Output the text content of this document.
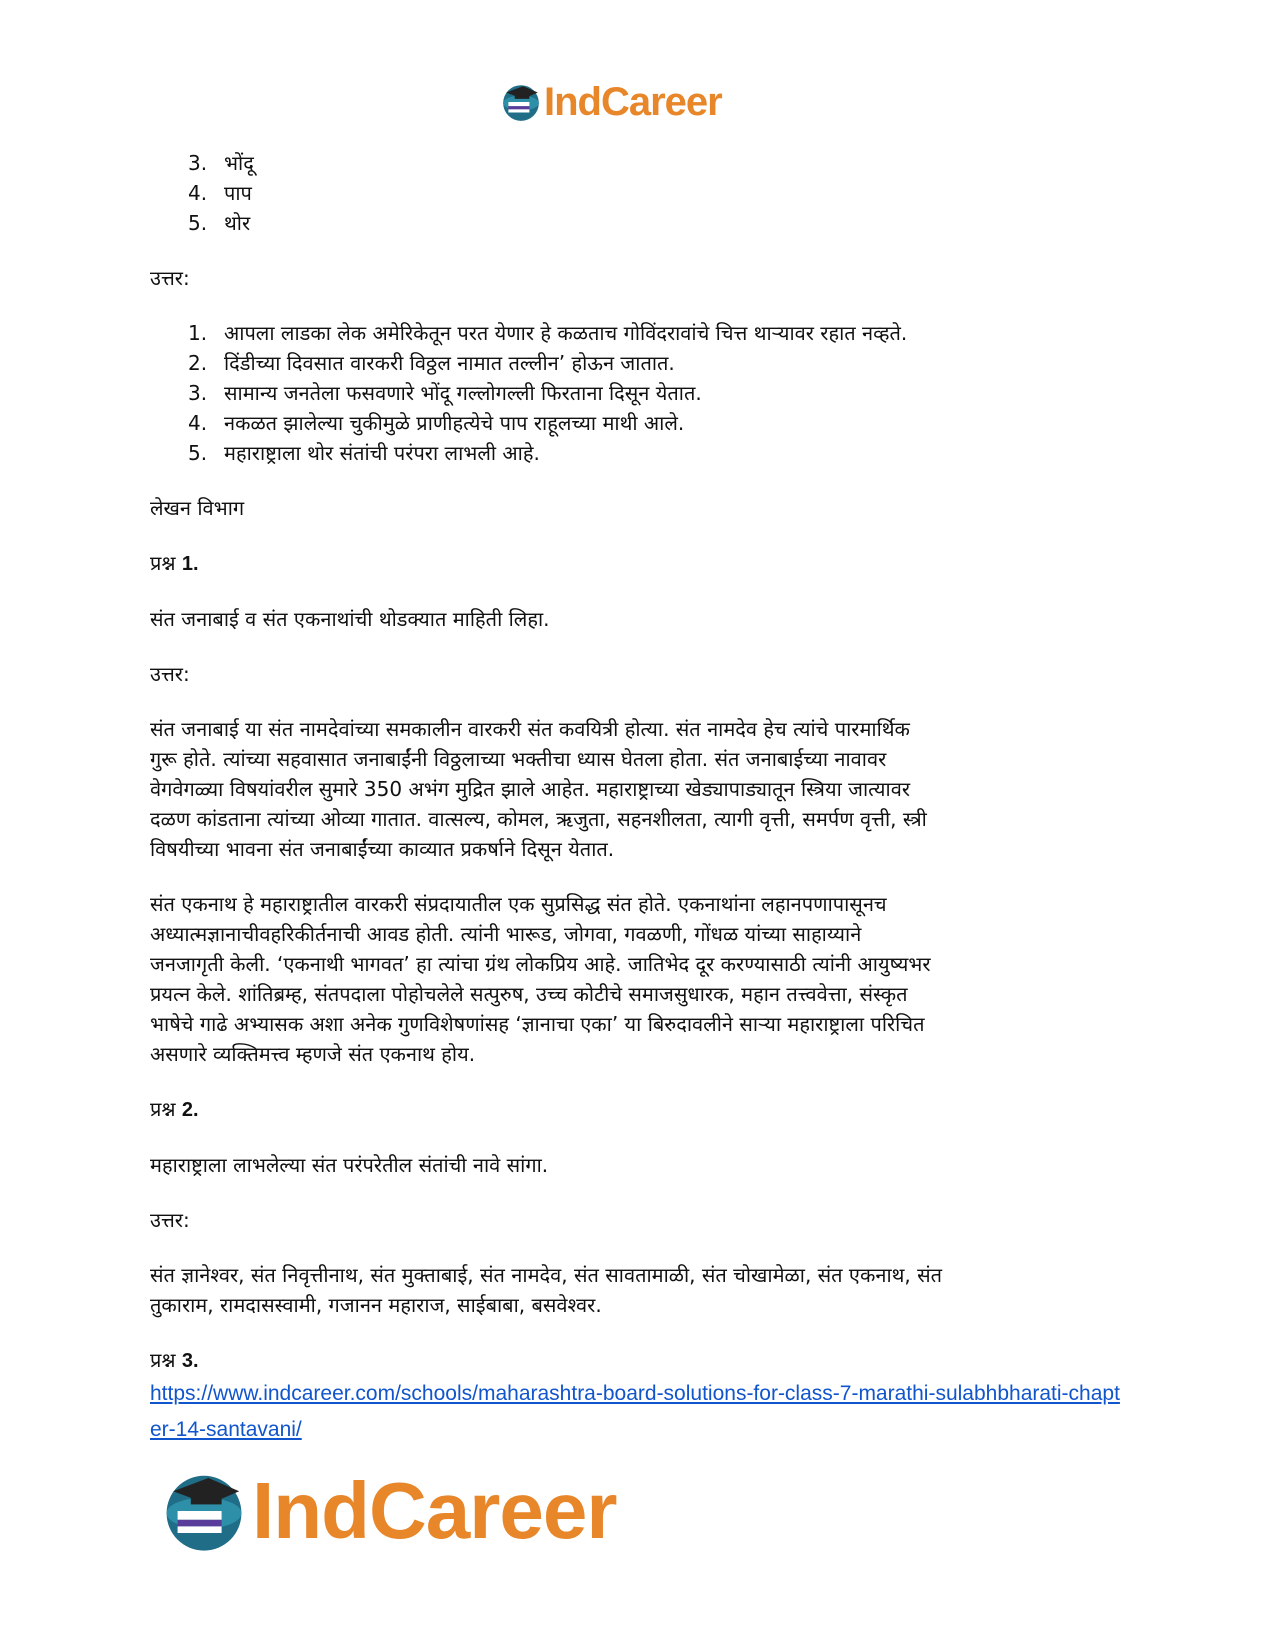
IndCareer
3. भोंदू
4. पाप
5. थोर

उत्तर:

1. आपला लाडका लेक अमेरिकेतून परत येणार हे कळताच गोविंदरावांचे चित्त थाऱ्यावर रहात नव्हते.
2. दिंडीच्या दिवसात वारकरी विठ्ठल नामात तल्लीन’ होऊन जातात.
3. सामान्य जनतेला फसवणारे भोंदू गल्लोगल्ली फिरताना दिसून येतात.
4. नकळत झालेल्या चुकीमुळे प्राणीहत्येचे पाप राहूलच्या माथी आले.
5. महाराष्ट्राला थोर संतांची परंपरा लाभली आहे.

लेखन विभाग

प्रश्न 1.

संत जनाबाई व संत एकनाथांची थोडक्यात माहिती लिहा.

उत्तर:

संत जनाबाई या संत नामदेवांच्या समकालीन वारकरी संत कवयित्री होत्या. संत नामदेव हेच त्यांचे पारमार्थिक
गुरू होते. त्यांच्या सहवासात जनाबाईंनी विठ्ठलाच्या भक्तीचा ध्यास घेतला होता. संत जनाबाईच्या नावावर
वेगवेगळ्या विषयांवरील सुमारे 350 अभंग मुद्रित झाले आहेत. महाराष्ट्राच्या खेड्यापाड्यातून स्त्रिया जात्यावर
दळण कांडताना त्यांच्या ओव्या गातात. वात्सल्य, कोमल, ऋजुता, सहनशीलता, त्यागी वृत्ती, समर्पण वृत्ती, स्त्री
विषयीच्या भावना संत जनाबाईंच्या काव्यात प्रकर्षाने दिसून येतात.

संत एकनाथ हे महाराष्ट्रातील वारकरी संप्रदायातील एक सुप्रसिद्ध संत होते. एकनाथांना लहानपणापासूनच
अध्यात्मज्ञानाचीवहरिकीर्तनाची आवड होती. त्यांनी भारूड, जोगवा, गवळणी, गोंधळ यांच्या साहाय्याने
जनजागृती केली. ‘एकनाथी भागवत’ हा त्यांचा ग्रंथ लोकप्रिय आहे. जातिभेद दूर करण्यासाठी त्यांनी आयुष्यभर
प्रयत्न केले. शांतिब्रम्ह, संतपदाला पोहोचलेले सत्पुरुष, उच्च कोटीचे समाजसुधारक, महान तत्त्ववेत्ता, संस्कृत
भाषेचे गाढे अभ्यासक अशा अनेक गुणविशेषणांसह ‘ज्ञानाचा एका’ या बिरुदावलीने साऱ्या महाराष्ट्राला परिचित
असणारे व्यक्तिमत्त्व म्हणजे संत एकनाथ होय.

प्रश्न 2.

महाराष्ट्राला लाभलेल्या संत परंपरेतील संतांची नावे सांगा.

उत्तर:

संत ज्ञानेश्वर, संत निवृत्तीनाथ, संत मुक्ताबाई, संत नामदेव, संत सावतामाळी, संत चोखामेळा, संत एकनाथ, संत
तुकाराम, रामदासस्वामी, गजानन महाराज, साईबाबा, बसवेश्वर.

प्रश्न 3.

https://www.indcareer.com/schools/maharashtra-board-solutions-for-class-7-marathi-sulabhbharati-chapter-14-santavani/
IndCareer
